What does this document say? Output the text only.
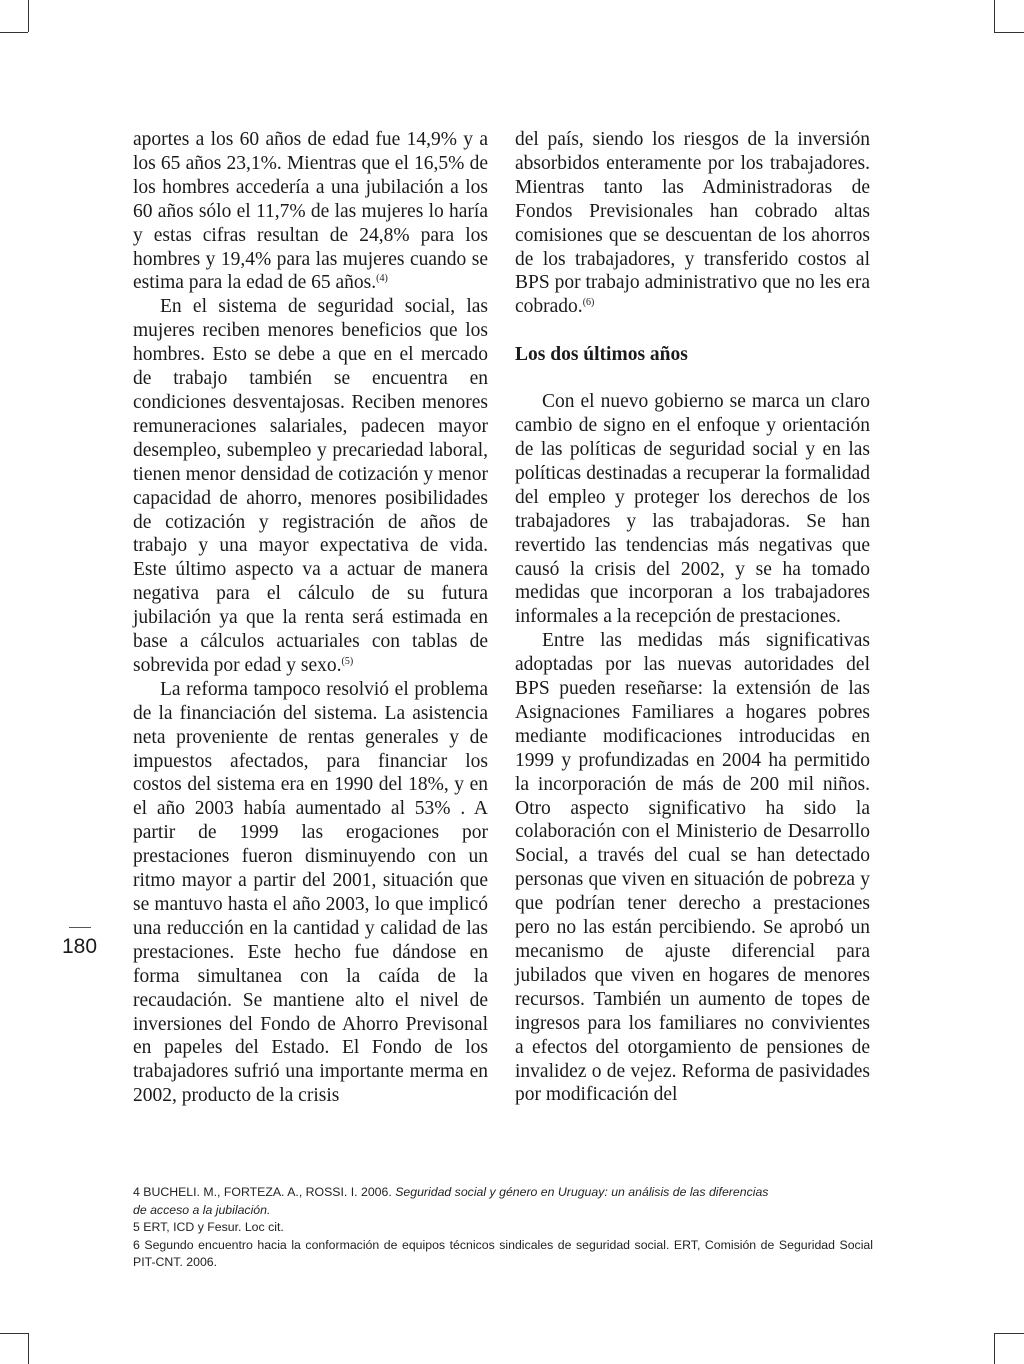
180

aportes a los 60 años de edad fue 14,9% y a los 65 años 23,1%. Mientras que el 16,5% de los hombres accedería a una jubilación a los 60 años sólo el 11,7% de las mujeres lo haría y estas cifras resultan de 24,8% para los hombres y 19,4% para las mujeres cuando se estima para la edad de 65 años.$^{(4)}$

En el sistema de seguridad social, las mujeres reciben menores beneficios que los hombres. Esto se debe a que en el mercado de trabajo también se encuentra en condiciones desventajosas. Reciben menores remuneraciones salariales, padecen mayor desempleo, subempleo y precariedad laboral, tienen menor densidad de cotización y menor capacidad de ahorro, menores posibilidades de cotización y registración de años de trabajo y una mayor expectativa de vida. Este último aspecto va a actuar de manera negativa para el cálculo de su futura jubilación ya que la renta será estimada en base a cálculos actuariales con tablas de sobrevida por edad y sexo.$^{(5)}$

La reforma tampoco resolvió el problema de la financiación del sistema. La asistencia neta proveniente de rentas generales y de impuestos afectados, para financiar los costos del sistema era en 1990 del 18%, y en el año 2003 había aumentado al 53% . A partir de 1999 las erogaciones por prestaciones fueron disminuyendo con un ritmo mayor a partir del 2001, situación que se mantuvo hasta el año 2003, lo que implicó una reducción en la cantidad y calidad de las prestaciones. Este hecho fue dándose en forma simultanea con la caída de la recaudación. Se mantiene alto el nivel de inversiones del Fondo de Ahorro Previsonal en papeles del Estado. El Fondo de los trabajadores sufrió una importante merma en 2002, producto de la crisis

del país, siendo los riesgos de la inversión absorbidos enteramente por los trabajadores. Mientras tanto las Administradoras de Fondos Previsionales han cobrado altas comisiones que se descuentan de los ahorros de los trabajadores, y transferido costos al BPS por trabajo administrativo que no les era cobrado.$^{(6)}$

Los dos últimos años

Con el nuevo gobierno se marca un claro cambio de signo en el enfoque y orientación de las políticas de seguridad social y en las políticas destinadas a recuperar la formalidad del empleo y proteger los derechos de los trabajadores y las trabajadoras. Se han revertido las tendencias más negativas que causó la crisis del 2002, y se ha tomado medidas que incorporan a los trabajadores informales a la recepción de prestaciones.

Entre las medidas más significativas adoptadas por las nuevas autoridades del BPS pueden reseñarse: la extensión de las Asignaciones Familiares a hogares pobres mediante modificaciones introducidas en 1999 y profundizadas en 2004 ha permitido la incorporación de más de 200 mil niños. Otro aspecto significativo ha sido la colaboración con el Ministerio de Desarrollo Social, a través del cual se han detectado personas que viven en situación de pobreza y que podrían tener derecho a prestaciones pero no las están percibiendo. Se aprobó un mecanismo de ajuste diferencial para jubilados que viven en hogares de menores recursos. También un aumento de topes de ingresos para los familiares no convivientes a efectos del otorgamiento de pensiones de invalidez o de vejez. Reforma de pasividades por modificación del

4 BUCHELI. M., FORTEZA. A., ROSSI. I. 2006. Seguridad social y género en Uruguay: un análisis de las diferencias

de acceso a la jubilación.

5 ERT, ICD y Fesur. Loc cit.

6 Segundo encuentro hacia la conformación de equipos técnicos sindicales de seguridad social. ERT, Comisión de Seguridad Social PIT-CNT. 2006.
